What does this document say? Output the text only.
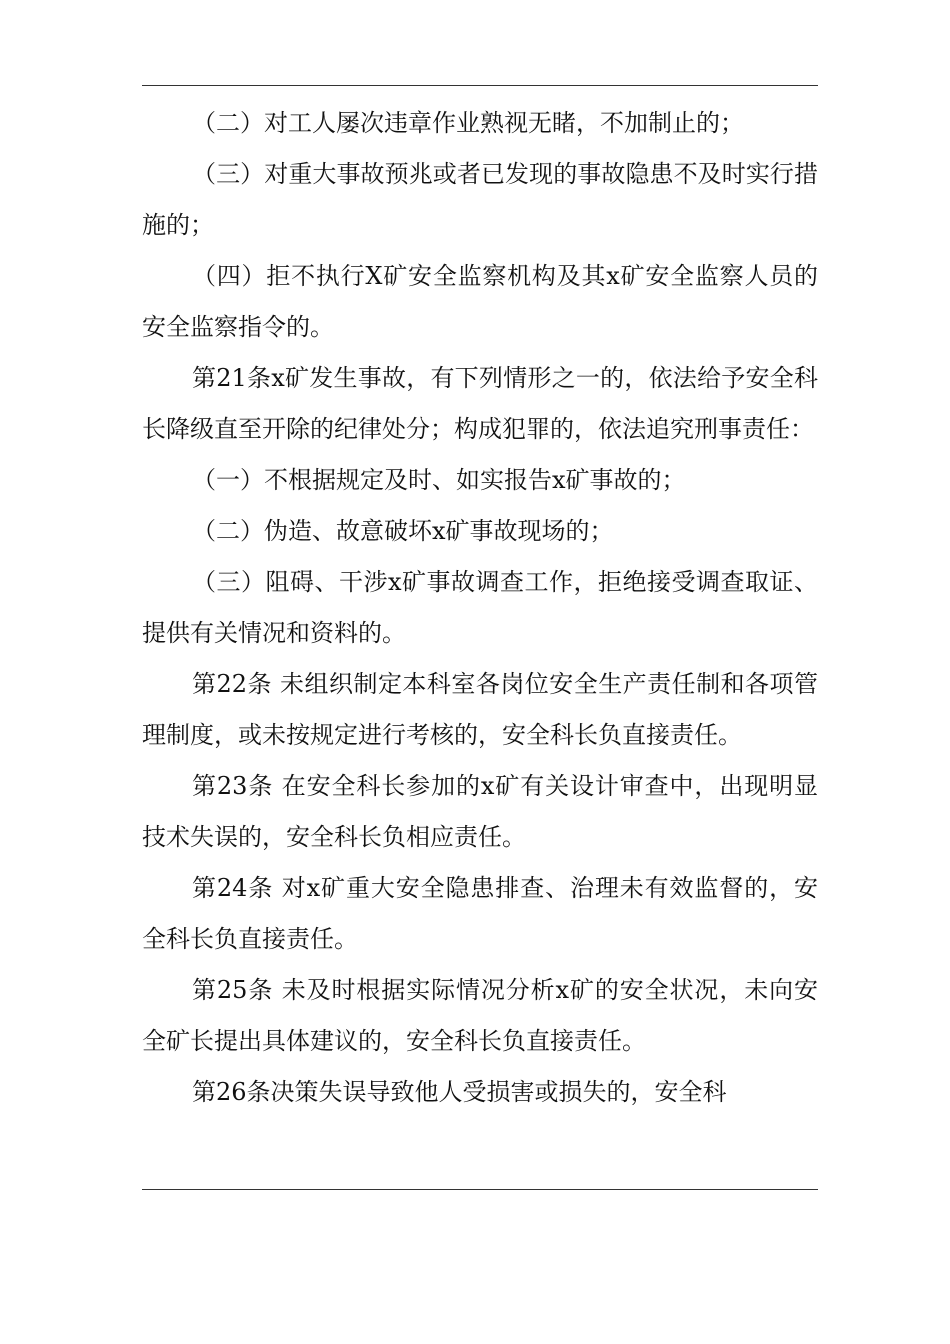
（二）对工人屡次违章作业熟视无睹，不加制止的；

（三）对重大事故预兆或者已发现的事故隐患不及时实行措施的；

（四）拒不执行X矿安全监察机构及其x矿安全监察人员的安全监察指令的。

第21条x矿发生事故，有下列情形之一的，依法给予安全科长降级直至开除的纪律处分；构成犯罪的，依法追究刑事责任：

（一）不根据规定及时、如实报告x矿事故的；

（二）伪造、故意破坏x矿事故现场的；

（三）阻碍、干涉x矿事故调查工作，拒绝接受调查取证、提供有关情况和资料的。

第22条 未组织制定本科室各岗位安全生产责任制和各项管理制度，或未按规定进行考核的，安全科长负直接责任。

第23条 在安全科长参加的x矿有关设计审查中，出现明显技术失误的，安全科长负相应责任。

第24条 对x矿重大安全隐患排查、治理未有效监督的，安全科长负直接责任。

第25条 未及时根据实际情况分析x矿的安全状况，未向安全矿长提出具体建议的，安全科长负直接责任。

第26条决策失误导致他人受损害或损失的，安全科
